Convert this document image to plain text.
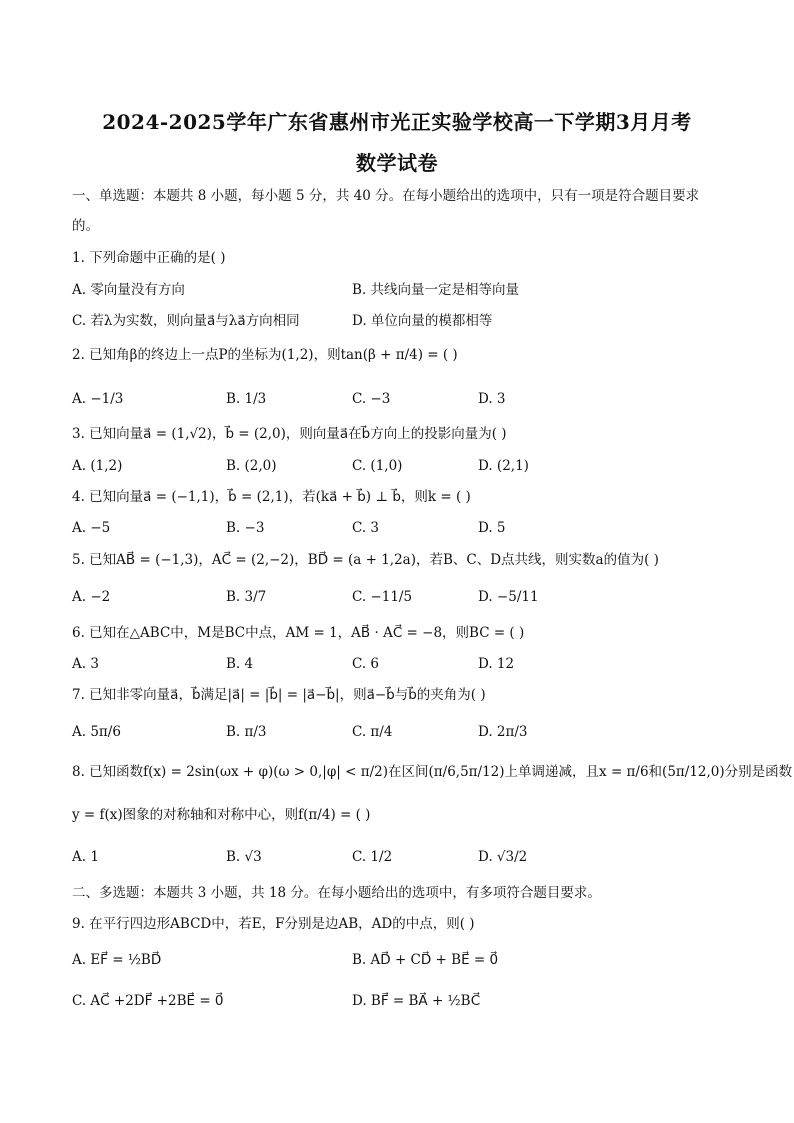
2024-2025学年广东省惠州市光正实验学校高一下学期3月月考
数学试卷
一、单选题：本题共 8 小题，每小题 5 分，共 40 分。在每小题给出的选项中，只有一项是符合题目要求
的。
1. 下列命题中正确的是( )
A. 零向量没有方向	B. 共线向量一定是相等向量
C. 若λ为实数，则向量a⃗与λa⃗方向相同	D. 单位向量的模都相等
2. 已知角β的终边上一点P的坐标为(1,2)，则tan(β + π/4) = ( )
A. −1/3	B. 1/3	C. −3	D. 3
3. 已知向量a⃗ = (1,√2)，b⃗ = (2,0)，则向量a⃗在b⃗方向上的投影向量为( )
A. (1,2)	B. (2,0)	C. (1,0)	D. (2,1)
4. 已知向量a⃗ = (−1,1)，b⃗ = (2,1)，若(ka⃗ + b⃗) ⊥ b⃗，则k = ( )
A. −5	B. −3	C. 3	D. 5
5. 已知AB⃗ = (−1,3)，AC⃗ = (2,−2)，BD⃗ = (a + 1,2a)，若B、C、D点共线，则实数a的值为( )
A. −2	B. 3/7	C. −11/5	D. −5/11
6. 已知在△ABC中，M是BC中点，AM = 1，AB⃗ · AC⃗ = −8，则BC = ( )
A. 3	B. 4	C. 6	D. 12
7. 已知非零向量a⃗，b⃗满足|a⃗| = |b⃗| = |a⃗−b⃗|，则a⃗−b⃗与b⃗的夹角为( )
A. 5π/6	B. π/3	C. π/4	D. 2π/3
8. 已知函数f(x) = 2sin(ωx + φ)(ω > 0,|φ| < π/2)在区间(π/6,5π/12)上单调递减，且x = π/6和(5π/12,0)分别是函数
y = f(x)图象的对称轴和对称中心，则f(π/4) = ( )
A. 1	B. √3	C. 1/2	D. √3/2
二、多选题：本题共 3 小题，共 18 分。在每小题给出的选项中，有多项符合题目要求。
9. 在平行四边形ABCD中，若E，F分别是边AB，AD的中点，则( )
A. EF⃗ = ½BD⃗	B. AD⃗ + CD⃗ + BE⃗ = 0⃗
C. AC⃗ +2DF⃗ +2BE⃗ = 0⃗	D. BF⃗ = BA⃗ + ½BC⃗
